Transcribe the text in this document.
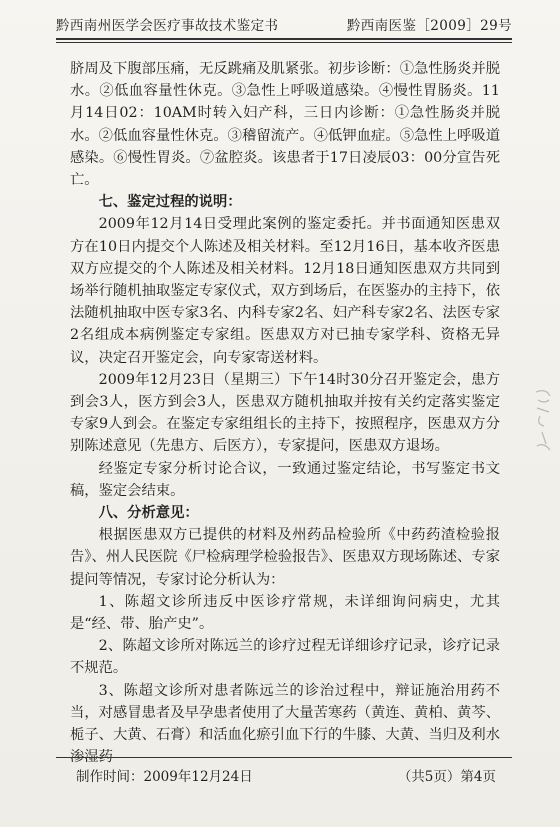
黔西南州医学会医疗事故技术鉴定书	黔西南医鉴［2009］29号

脐周及下腹部压痛，无反跳痛及肌紧张。初步诊断：①急性肠炎并脱水。②低血容量性休克。③急性上呼吸道感染。④慢性胃肠炎。11月14日02：10AM时转入妇产科，三日内诊断：①急性肠炎并脱水。②低血容量性休克。③稽留流产。④低钾血症。⑤急性上呼吸道感染。⑥慢性胃炎。⑦盆腔炎。该患者于17日凌辰03：00分宣告死亡。

七、鉴定过程的说明：

2009年12月14日受理此案例的鉴定委托。并书面通知医患双方在10日内提交个人陈述及相关材料。至12月16日，基本收齐医患双方应提交的个人陈述及相关材料。12月18日通知医患双方共同到场举行随机抽取鉴定专家仪式，双方到场后，在医鉴办的主持下，依法随机抽取中医专家3名、内科专家2名、妇产科专家2名、法医专家2名组成本病例鉴定专家组。医患双方对已抽专家学科、资格无异议，决定召开鉴定会，向专家寄送材料。

2009年12月23日（星期三）下午14时30分召开鉴定会，患方到会3人，医方到会3人，医患双方随机抽取并按有关约定落实鉴定专家9人到会。在鉴定专家组组长的主持下，按照程序，医患双方分别陈述意见（先患方、后医方），专家提问，医患双方退场。

经鉴定专家分析讨论合议，一致通过鉴定结论，书写鉴定书文稿，鉴定会结束。

八、分析意见：

根据医患双方已提供的材料及州药品检验所《中药药渣检验报告》、州人民医院《尸检病理学检验报告》、医患双方现场陈述、专家提问等情况，专家讨论分析认为：

1、陈超文诊所违反中医诊疗常规，未详细询问病史，尤其是“经、带、胎产史”。

2、陈超文诊所对陈远兰的诊疗过程无详细诊疗记录，诊疗记录不规范。

3、陈超文诊所对患者陈远兰的诊治过程中，辩证施治用药不当，对感冒患者及早孕患者使用了大量苦寒药（黄连、黄柏、黄芩、栀子、大黄、石膏）和活血化瘀引血下行的牛膝、大黄、当归及利水渗湿药

制作时间：2009年12月24日	（共5页）第4页
